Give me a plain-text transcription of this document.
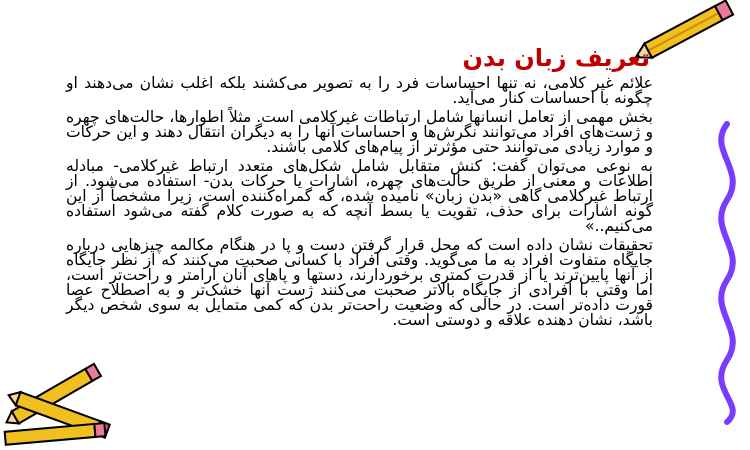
تعریف زبان بدن

علائم غیر کلامی، نه تنها احساسات فرد را به تصویر می‌کشند بلکه اغلب نشان می‌دهند او چگونه با احساسات کنار می‌آید.

بخش مهمی از تعامل انسانها شامل ارتباطات غیرکلامی است. مثلاً اطوارها، حالت‌های چهره و ژست‌های افراد می‌توانند نگرش‌ها و احساسات آنها را به دیگران انتقال دهند و این حرکات و موارد زیادی می‌توانند حتی مؤثرتر از پیام‌های کلامی باشند.

به نوعی می‌توان گفت: کنش متقابل شامل شکل‌های متعدد ارتباط غیرکلامی- مبادله اطلاعات و معنی از طریق حالت‌های چهره، اشارات یا حرکات بدن- استفاده می‌شود. از ارتباط غیرکلامی گاهی «بدن زبان» نامیده شده، که گمراه‌کننده است، زیرا مشخصاً از این گونه اشارات برای حذف، تقویت یا بسط آنچه که به صورت کلام گفته می‌شود استفاده می‌کنیم..»

تحقیقات نشان داده است که محل قرار گرفتن دست و پا در هنگام مکالمه چیزهایی درباره جایگاه متفاوت افراد به ما می‌گوید. وقتی افراد با کسانی صحبت می‌کنند که از نظر جایگاه از آنها پایین‌ترند یا از قدرت کمتری برخوردارند، دستها و پاهای آنان آرامتر و راحت‌تر است، اما وقتی با افرادی از جایگاه بالاتر صحبت می‌کنند ژست آنها خشک‌تر و به اصطلاح عصا قورت داده‌تر است. در حالی که وضعیت راحت‌تر بدن که کمی متمایل به سوی شخص دیگر باشد، نشان دهنده علاقه و دوستی است.
